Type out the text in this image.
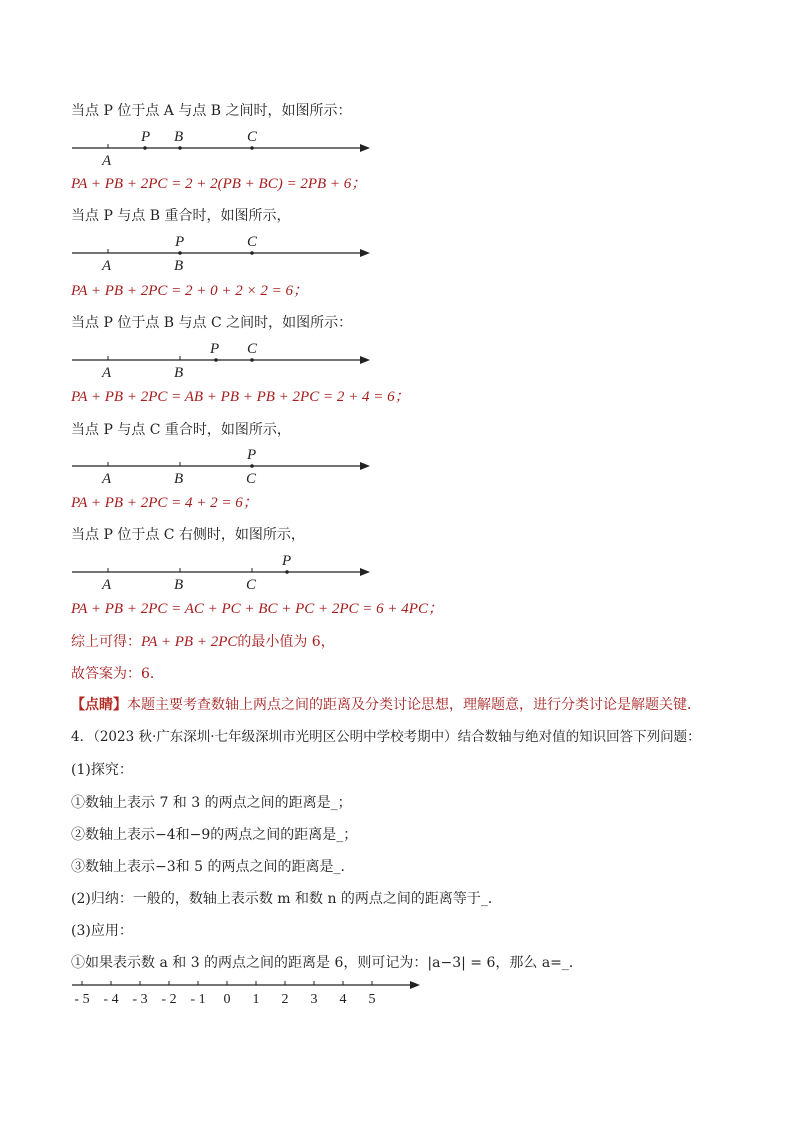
当点 P 位于点 A 与点 B 之间时，如图所示：
P B	C
A
PA + PB + 2PC = 2 + 2(PB + BC) = 2PB + 6；
当点 P 与点 B 重合时，如图所示，
P	C
A	B
PA + PB + 2PC = 2 + 0 + 2 × 2 = 6；
当点 P 位于点 B 与点 C 之间时，如图所示：
P C
A	B
PA + PB + 2PC = AB + PB + PB + 2PC = 2 + 4 = 6；
当点 P 与点 C 重合时，如图所示，
P
A	B	C
PA + PB + 2PC = 4 + 2 = 6；
当点 P 位于点 C 右侧时，如图所示，
P
A	B	C
PA + PB + 2PC = AC + PC + BC + PC + 2PC = 6 + 4PC；
综上可得：PA + PB + 2PC的最小值为 6，
故答案为：6．
【点睛】本题主要考查数轴上两点之间的距离及分类讨论思想，理解题意，进行分类讨论是解题关键．
4．（2023 秋·广东深圳·七年级深圳市光明区公明中学校考期中）结合数轴与绝对值的知识回答下列问题：
(1)探究：
①数轴上表示 7 和 3 的两点之间的距离是_；
②数轴上表示−4和−9的两点之间的距离是_；
③数轴上表示−3和 5 的两点之间的距离是_．
(2)归纳：一般的，数轴上表示数 m 和数 n 的两点之间的距离等于_．
(3)应用：
①如果表示数 a 和 3 的两点之间的距离是 6，则可记为：|a−3| = 6，那么 a=_．
- 5 - 4 - 3 - 2 - 1 0 1 2 3 4 5
